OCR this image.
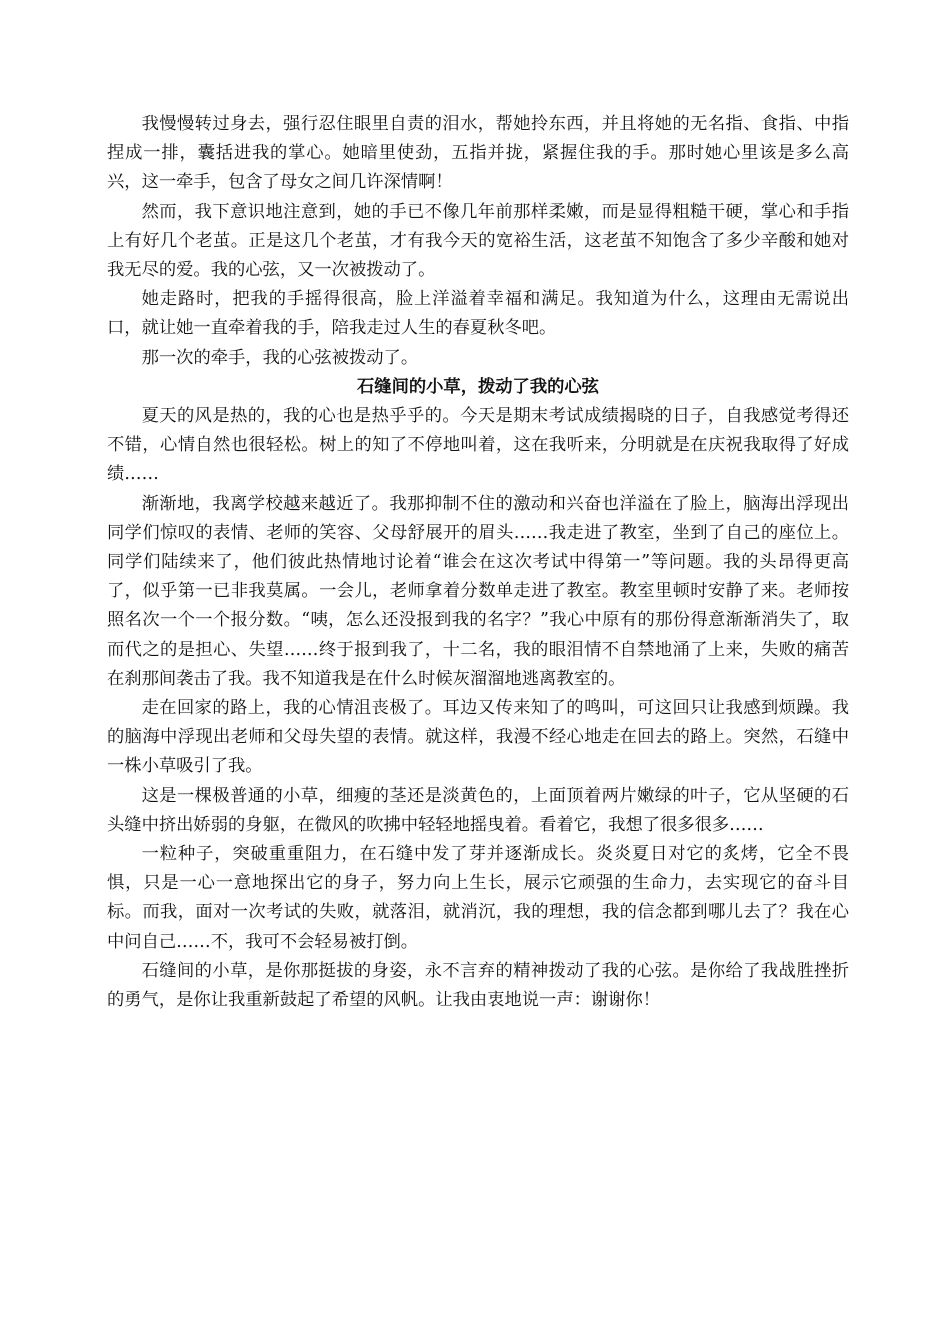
我慢慢转过身去，强行忍住眼里自责的泪水，帮她拎东西，并且将她的无名指、食指、中指捏成一排，囊括进我的掌心。她暗里使劲，五指并拢，紧握住我的手。那时她心里该是多么高兴，这一牵手，包含了母女之间几许深情啊！

然而，我下意识地注意到，她的手已不像几年前那样柔嫩，而是显得粗糙干硬，掌心和手指上有好几个老茧。正是这几个老茧，才有我今天的宽裕生活，这老茧不知饱含了多少辛酸和她对我无尽的爱。我的心弦，又一次被拨动了。

她走路时，把我的手摇得很高，脸上洋溢着幸福和满足。我知道为什么，这理由无需说出口，就让她一直牵着我的手，陪我走过人生的春夏秋冬吧。

那一次的牵手，我的心弦被拨动了。

石缝间的小草，拨动了我的心弦

夏天的风是热的，我的心也是热乎乎的。今天是期末考试成绩揭晓的日子，自我感觉考得还不错，心情自然也很轻松。树上的知了不停地叫着，这在我听来，分明就是在庆祝我取得了好成绩……

渐渐地，我离学校越来越近了。我那抑制不住的激动和兴奋也洋溢在了脸上，脑海出浮现出同学们惊叹的表情、老师的笑容、父母舒展开的眉头……我走进了教室，坐到了自己的座位上。同学们陆续来了，他们彼此热情地讨论着“谁会在这次考试中得第一”等问题。我的头昂得更高了，似乎第一已非我莫属。一会儿，老师拿着分数单走进了教室。教室里顿时安静了来。老师按照名次一个一个报分数。“咦，怎么还没报到我的名字？”我心中原有的那份得意渐渐消失了，取而代之的是担心、失望……终于报到我了，十二名，我的眼泪情不自禁地涌了上来，失败的痛苦在刹那间袭击了我。我不知道我是在什么时候灰溜溜地逃离教室的。

走在回家的路上，我的心情沮丧极了。耳边又传来知了的鸣叫，可这回只让我感到烦躁。我的脑海中浮现出老师和父母失望的表情。就这样，我漫不经心地走在回去的路上。突然，石缝中一株小草吸引了我。

这是一棵极普通的小草，细瘦的茎还是淡黄色的，上面顶着两片嫩绿的叶子，它从坚硬的石头缝中挤出娇弱的身躯，在微风的吹拂中轻轻地摇曳着。看着它，我想了很多很多……

一粒种子，突破重重阻力，在石缝中发了芽并逐渐成长。炎炎夏日对它的炙烤，它全不畏惧，只是一心一意地探出它的身子，努力向上生长，展示它顽强的生命力，去实现它的奋斗目标。而我，面对一次考试的失败，就落泪，就消沉，我的理想，我的信念都到哪儿去了？我在心中问自己……不，我可不会轻易被打倒。

石缝间的小草，是你那挺拔的身姿，永不言弃的精神拨动了我的心弦。是你给了我战胜挫折的勇气，是你让我重新鼓起了希望的风帆。让我由衷地说一声：谢谢你！
